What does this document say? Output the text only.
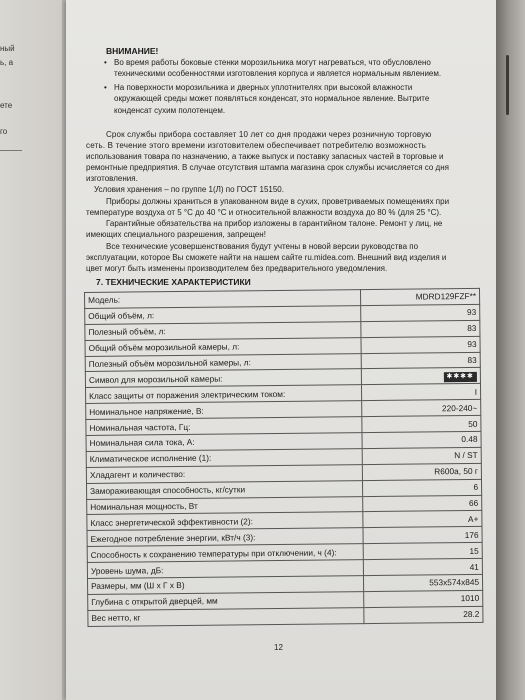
ный
ь, а
ете
го
ВНИМАНИЕ!
• Во время работы боковые стенки морозильника могут нагреваться, что обусловлено
техническими особенностями изготовления корпуса и является нормальным явлением.
• На поверхности морозильника и дверных уплотнителях при высокой влажности
окружающей среды может появляться конденсат, это нормальное явление. Вытрите
конденсат сухим полотенцем.
Срок службы прибора составляет 10 лет со дня продажи через розничную торговую
сеть. В течение этого времени изготовителем обеспечивает потребителю возможность
использования товара по назначению, а также выпуск и поставку запасных частей в торговые и
ремонтные предприятия. В случае отсутствия штампа магазина срок службы исчисляется со дня
изготовления.
Условия хранения – по группе 1(Л) по ГОСТ 15150.
Приборы должны храниться в упакованном виде в сухих, проветриваемых помещениях при
температуре воздуха от 5 °С до 40 °С и относительной влажности воздуха до 80 % (для 25 °С).
Гарантийные обязательства на прибор изложены в гарантийном талоне. Ремонт у лиц, не
имеющих специального разрешения, запрещен!
Все технические усовершенствования будут учтены в новой версии руководства по
эксплуатации, которое Вы сможете найти на нашем сайте ru.midea.com. Внешний вид изделия и
цвет могут быть изменены производителем без предварительного уведомления.
7. ТЕХНИЧЕСКИЕ ХАРАКТЕРИСТИКИ
Модель:	MDRD129FZF**
Общий объём, л:	93
Полезный объём, л:	83
Общий объём морозильной камеры, л:	93
Полезный объём морозильной камеры, л:	83
Символ для морозильной камеры:	✱✱✱✱
Класс защиты от поражения электрическим током:	I
Номинальное напряжение, В:	220-240~
Номинальная частота, Гц:	50
Номинальная сила тока, А:	0.48
Климатическое исполнение (1):	N / ST
Хладагент и количество:	R600a, 50 г
Замораживающая способность, кг/сутки	6
Номинальная мощность, Вт	66
Класс энергетической эффективности (2):	A+
Ежегодное потребление энергии, кВт/ч (3):	176
Способность к сохранению температуры при отключении, ч (4):	15
Уровень шума, дБ:	41
Размеры, мм (Ш x Г x В)	553x574x845
Глубина с открытой дверцей, мм	1010
Вес нетто, кг	28.2
12
